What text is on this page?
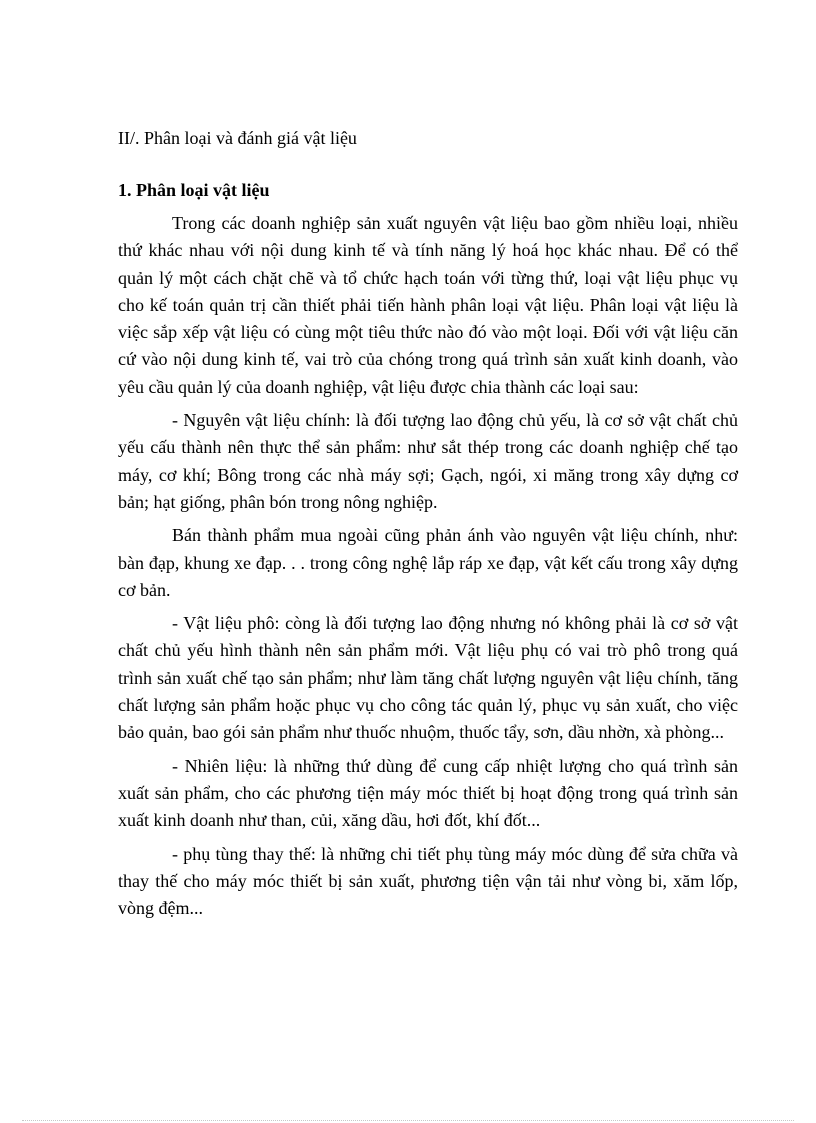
II/. Phân loại và đánh giá vật liệu
1. Phân loại vật liệu

Trong các doanh nghiệp sản xuất nguyên vật liệu bao gồm nhiều loại, nhiều thứ khác nhau với nội dung kinh tế và tính năng lý hoá học khác nhau. Để có thể quản lý một cách chặt chẽ và tổ chức hạch toán với từng thứ, loại vật liệu phục vụ cho kế toán quản trị cần thiết phải tiến hành phân loại vật liệu. Phân loại vật liệu là việc sắp xếp vật liệu có cùng một tiêu thức nào đó vào một loại. Đối với vật liệu căn cứ vào nội dung kinh tế, vai trò của chóng trong quá trình sản xuất kinh doanh, vào yêu cầu quản lý của doanh nghiệp, vật liệu được chia thành các loại sau:

- Nguyên vật liệu chính: là đối tượng lao động chủ yếu, là cơ sở vật chất chủ yếu cấu thành nên thực thể sản phẩm: như sắt thép trong các doanh nghiệp chế tạo máy, cơ khí; Bông trong các nhà máy sợi; Gạch, ngói, xi măng trong xây dựng cơ bản; hạt giống, phân bón trong nông nghiệp.

Bán thành phẩm mua ngoài cũng phản ánh vào nguyên vật liệu chính, như: bàn đạp, khung xe đạp. . . trong công nghệ lắp ráp xe đạp, vật kết cấu trong xây dựng cơ bản.

- Vật liệu phô: còng là đối tượng lao động nhưng nó không phải là cơ sở vật chất chủ yếu hình thành nên sản phẩm mới. Vật liệu phụ có vai trò phô trong quá trình sản xuất chế tạo sản phẩm; như làm tăng chất lượng nguyên vật liệu chính, tăng chất lượng sản phẩm hoặc phục vụ cho công tác quản lý, phục vụ sản xuất, cho việc bảo quản, bao gói sản phẩm như thuốc nhuộm, thuốc tẩy, sơn, dầu nhờn, xà phòng...

- Nhiên liệu: là những thứ dùng để cung cấp nhiệt lượng cho quá trình sản xuất sản phẩm, cho các phương tiện máy móc thiết bị hoạt động trong quá trình sản xuất kinh doanh như than, củi, xăng dầu, hơi đốt, khí đốt...

- phụ tùng thay thế: là những chi tiết phụ tùng máy móc dùng để sửa chữa và thay thế cho máy móc thiết bị sản xuất, phương tiện vận tải như vòng bi, xăm lốp, vòng đệm...
